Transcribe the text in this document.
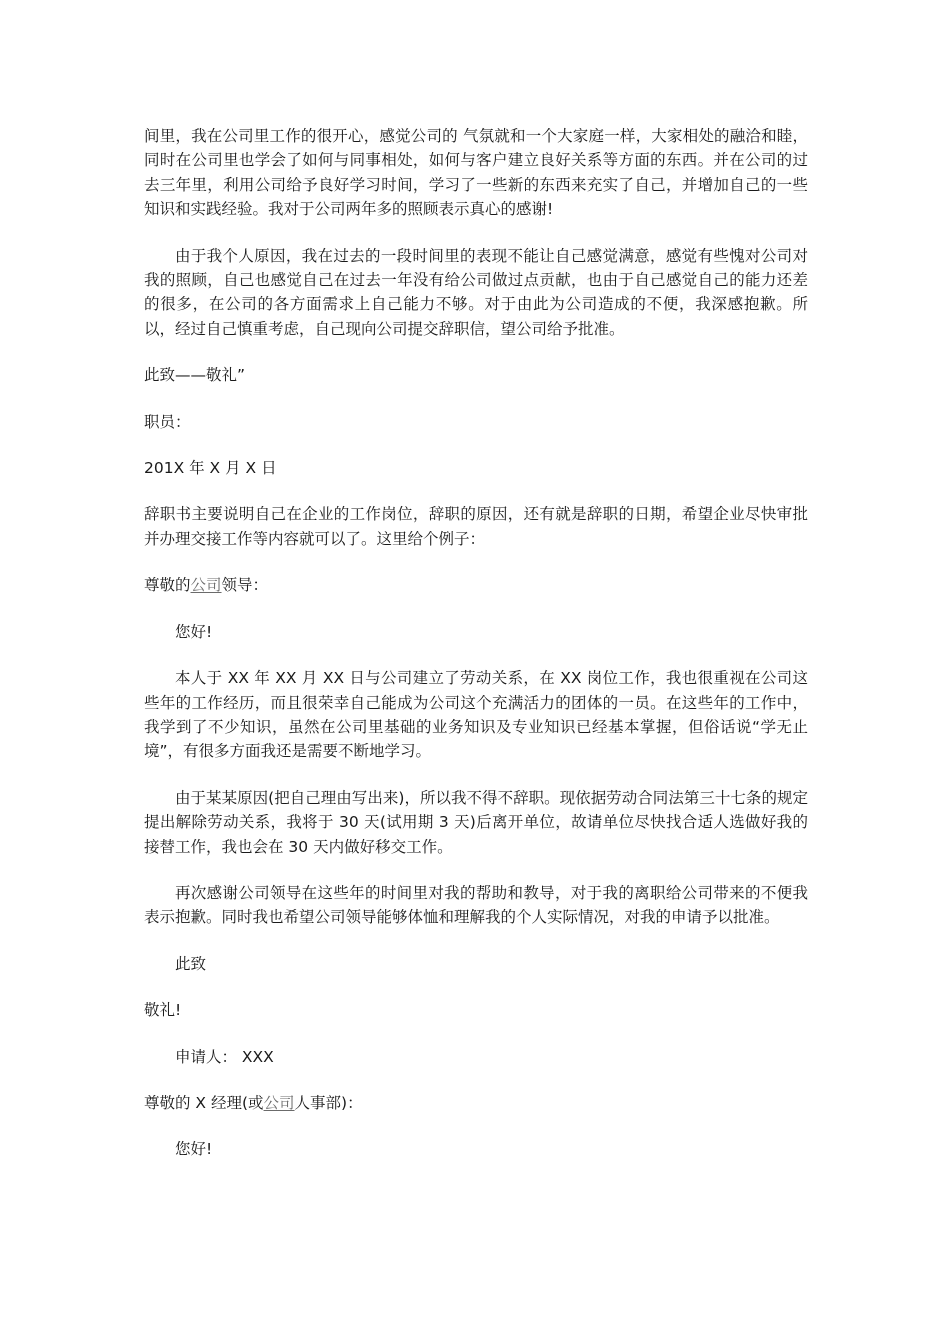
间里，我在公司里工作的很开心，感觉公司的 气氛就和一个大家庭一样，大家相处的融洽和睦，同时在公司里也学会了如何与同事相处，如何与客户建立良好关系等方面的东西。并在公司的过去三年里，利用公司给予良好学习时间，学习了一些新的东西来充实了自己，并增加自己的一些知识和实践经验。我对于公司两年多的照顾表示真心的感谢!

由于我个人原因，我在过去的一段时间里的表现不能让自己感觉满意，感觉有些愧对公司对我的照顾，自己也感觉自己在过去一年没有给公司做过点贡献，也由于自己感觉自己的能力还差的很多，在公司的各方面需求上自己能力不够。对于由此为公司造成的不便，我深感抱歉。所以，经过自己慎重考虑，自己现向公司提交辞职信，望公司给予批准。

此致——敬礼”

职员：

201X 年 X 月 X 日

辞职书主要说明自己在企业的工作岗位，辞职的原因，还有就是辞职的日期，希望企业尽快审批并办理交接工作等内容就可以了。这里给个例子：

尊敬的公司领导：

您好!

本人于 XX 年 XX 月 XX 日与公司建立了劳动关系，在 XX 岗位工作，我也很重视在公司这些年的工作经历，而且很荣幸自己能成为公司这个充满活力的团体的一员。在这些年的工作中，我学到了不少知识，虽然在公司里基础的业务知识及专业知识已经基本掌握，但俗话说“学无止境”，有很多方面我还是需要不断地学习。

由于某某原因(把自己理由写出来)，所以我不得不辞职。现依据劳动合同法第三十七条的规定提出解除劳动关系，我将于 30 天(试用期 3 天)后离开单位，故请单位尽快找合适人选做好我的接替工作，我也会在 30 天内做好移交工作。

再次感谢公司领导在这些年的时间里对我的帮助和教导，对于我的离职给公司带来的不便我表示抱歉。同时我也希望公司领导能够体恤和理解我的个人实际情况，对我的申请予以批准。

此致

敬礼!

申请人： XXX

尊敬的 X 经理(或公司人事部)：

您好!
